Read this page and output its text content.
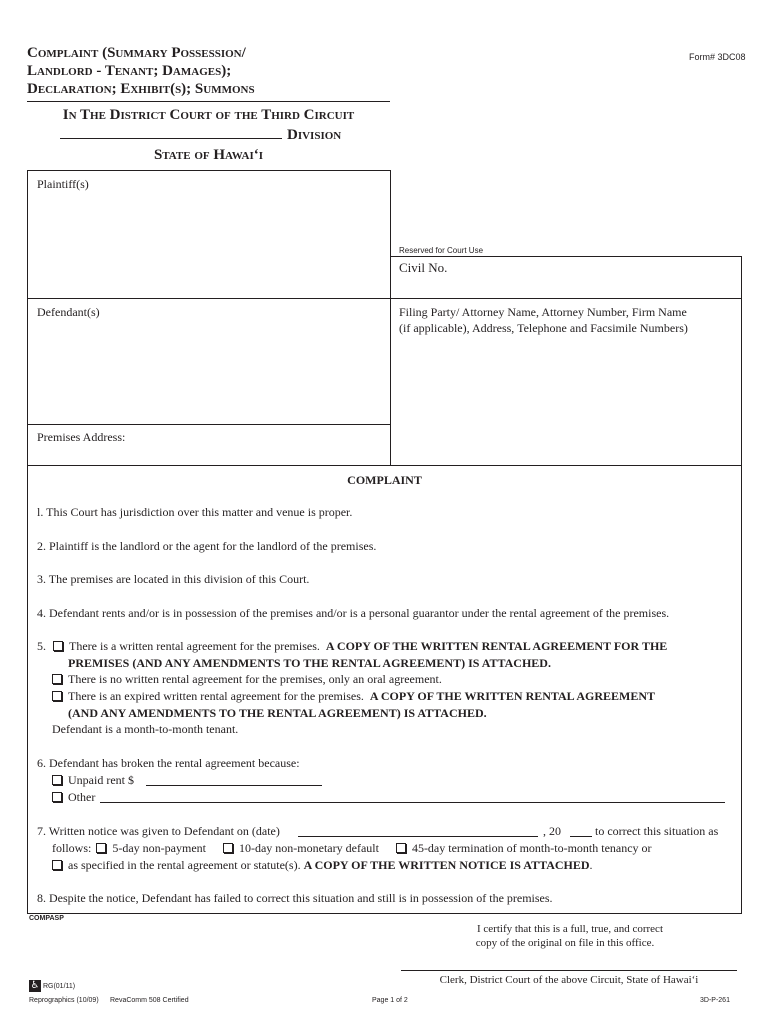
Complaint (Summary Possession/
Landlord - Tenant; Damages);
Declaration; Exhibit(s); Summons
Form# 3DC08
In The District Court of the Third Circuit
Division
State of Hawai‘i
Plaintiff(s)
Defendant(s)
Premises Address:
Reserved for Court Use
Civil No.
Filing Party/ Attorney Name, Attorney Number, Firm Name
(if applicable), Address, Telephone and Facsimile Numbers)
COMPLAINT
l. This Court has jurisdiction over this matter and venue is proper.
2. Plaintiff is the landlord or the agent for the landlord of the premises.
3. The premises are located in this division of this Court.
4. Defendant rents and/or is in possession of the premises and/or is a personal guarantor under the rental agreement of the premises.
5. There is a written rental agreement for the premises. A COPY OF THE WRITTEN RENTAL AGREEMENT FOR THE
PREMISES (AND ANY AMENDMENTS TO THE RENTAL AGREEMENT) IS ATTACHED.
There is no written rental agreement for the premises, only an oral agreement.
There is an expired written rental agreement for the premises. A COPY OF THE WRITTEN RENTAL AGREEMENT
(AND ANY AMENDMENTS TO THE RENTAL AGREEMENT) IS ATTACHED.
Defendant is a month-to-month tenant.
6. Defendant has broken the rental agreement because:
Unpaid rent $
Other
7. Written notice was given to Defendant on (date)	, 20	to correct this situation as
follows: 5-day non-payment	10-day non-monetary default	45-day termination of month-to-month tenancy or
as specified in the rental agreement or statute(s). A COPY OF THE WRITTEN NOTICE IS ATTACHED.
8. Despite the notice, Defendant has failed to correct this situation and still is in possession of the premises.
COMPASP
I certify that this is a full, true, and correct
copy of the original on file in this office.
Clerk, District Court of the above Circuit, State of Hawai‘i
♿ RG(01/11)
Reprographics (10/09) RevaComm 508 Certified	Page 1 of 2	3D-P-261
